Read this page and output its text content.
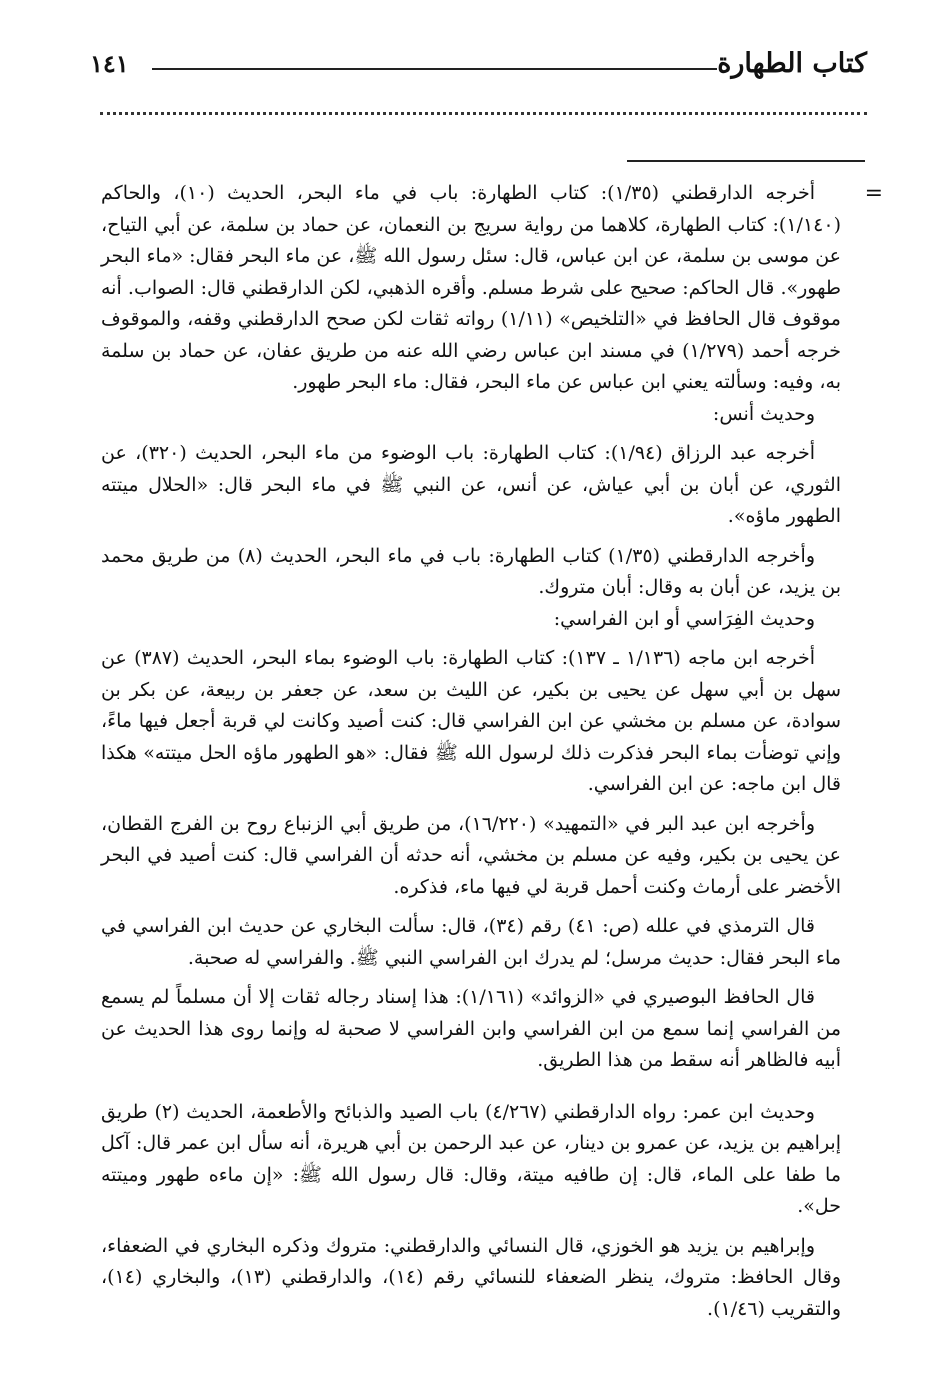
كتاب الطهارة
١٤١
=

أخرجه الدارقطني (١/٣٥): كتاب الطهارة: باب في ماء البحر، الحديث (١٠)، والحاكم (١/١٤٠): كتاب الطهارة، كلاهما من رواية سريج بن النعمان، عن حماد بن سلمة، عن أبي التياح، عن موسى بن سلمة، عن ابن عباس، قال: سئل رسول الله ﷺ، عن ماء البحر فقال: «ماء البحر طهور». قال الحاكم: صحيح على شرط مسلم. وأقره الذهبي، لكن الدارقطني قال: الصواب. أنه موقوف قال الحافظ في «التلخيص» (١/١١) رواته ثقات لكن صحح الدارقطني وقفه، والموقوف خرجه أحمد (١/٢٧٩) في مسند ابن عباس رضي الله عنه من طريق عفان، عن حماد بن سلمة به، وفيه: وسألته يعني ابن عباس عن ماء البحر، فقال: ماء البحر طهور.

وحديث أنس:

أخرجه عبد الرزاق (١/٩٤): كتاب الطهارة: باب الوضوء من ماء البحر، الحديث (٣٢٠)، عن الثوري، عن أبان بن أبي عياش، عن أنس، عن النبي ﷺ في ماء البحر قال: «الحلال ميتته الطهور ماؤه».

وأخرجه الدارقطني (١/٣٥) كتاب الطهارة: باب في ماء البحر، الحديث (٨) من طريق محمد بن يزيد، عن أبان به وقال: أبان متروك.

وحديث الفِرَاسي أو ابن الفراسي:

أخرجه ابن ماجه (١/١٣٦ ـ ١٣٧): كتاب الطهارة: باب الوضوء بماء البحر، الحديث (٣٨٧) عن سهل بن أبي سهل عن يحيى بن بكير، عن الليث بن سعد، عن جعفر بن ربيعة، عن بكر بن سوادة، عن مسلم بن مخشي عن ابن الفراسي قال: كنت أصيد وكانت لي قربة أجعل فيها ماءً، وإني توضأت بماء البحر فذكرت ذلك لرسول الله ﷺ فقال: «هو الطهور ماؤه الحل ميتته» هكذا قال ابن ماجه: عن ابن الفراسي.

وأخرجه ابن عبد البر في «التمهيد» (١٦/٢٢٠)، من طريق أبي الزنباع روح بن الفرج القطان، عن يحيى بن بكير، وفيه عن مسلم بن مخشي، أنه حدثه أن الفراسي قال: كنت أصيد في البحر الأخضر على أرماث وكنت أحمل قربة لي فيها ماء، فذكره.

قال الترمذي في علله (ص: ٤١) رقم (٣٤)، قال: سألت البخاري عن حديث ابن الفراسي في ماء البحر فقال: حديث مرسل؛ لم يدرك ابن الفراسي النبي ﷺ. والفراسي له صحبة.

قال الحافظ البوصيري في «الزوائد» (١/١٦١): هذا إسناد رجاله ثقات إلا أن مسلماً لم يسمع من الفراسي إنما سمع من ابن الفراسي وابن الفراسي لا صحبة له وإنما روى هذا الحديث عن أبيه فالظاهر أنه سقط من هذا الطريق.

وحديث ابن عمر: رواه الدارقطني (٤/٢٦٧) باب الصيد والذبائح والأطعمة، الحديث (٢) طريق إبراهيم بن يزيد، عن عمرو بن دينار، عن عبد الرحمن بن أبي هريرة، أنه سأل ابن عمر قال: آكل ما طفا على الماء، قال: إن طافيه ميتة، وقال: قال رسول الله ﷺ: «إن ماءه طهور وميتته حل».

وإبراهيم بن يزيد هو الخوزي، قال النسائي والدارقطني: متروك وذكره البخاري في الضعفاء، وقال الحافظ: متروك، ينظر الضعفاء للنسائي رقم (١٤)، والدارقطني (١٣)، والبخاري (١٤)، والتقريب (١/٤٦).
